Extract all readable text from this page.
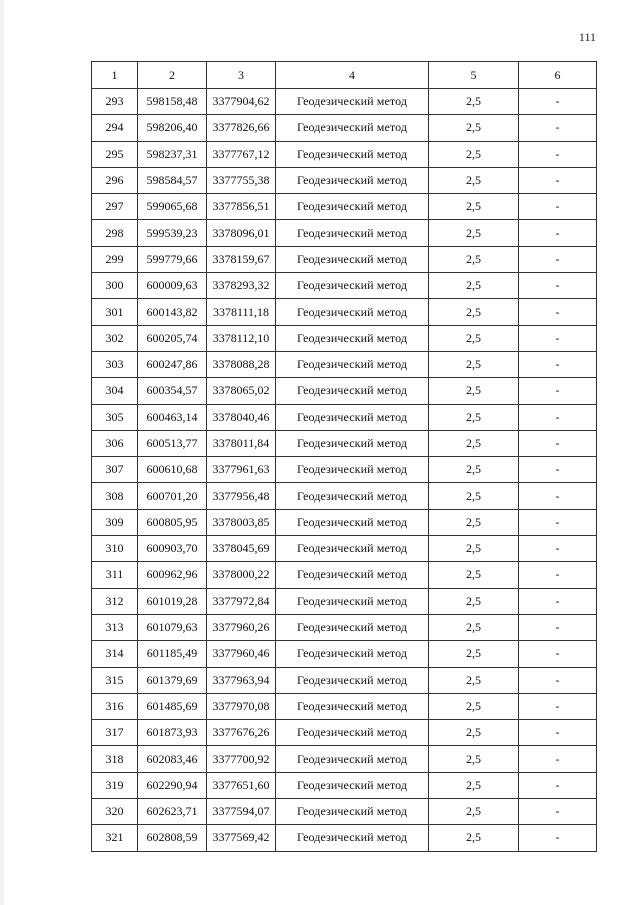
111
1	2	3	4	5	6
293	598158,48	3377904,62	Геодезический метод	2,5	-
294	598206,40	3377826,66	Геодезический метод	2,5	-
295	598237,31	3377767,12	Геодезический метод	2,5	-
296	598584,57	3377755,38	Геодезический метод	2,5	-
297	599065,68	3377856,51	Геодезический метод	2,5	-
298	599539,23	3378096,01	Геодезический метод	2,5	-
299	599779,66	3378159,67	Геодезический метод	2,5	-
300	600009,63	3378293,32	Геодезический метод	2,5	-
301	600143,82	3378111,18	Геодезический метод	2,5	-
302	600205,74	3378112,10	Геодезический метод	2,5	-
303	600247,86	3378088,28	Геодезический метод	2,5	-
304	600354,57	3378065,02	Геодезический метод	2,5	-
305	600463,14	3378040,46	Геодезический метод	2,5	-
306	600513,77	3378011,84	Геодезический метод	2,5	-
307	600610,68	3377961,63	Геодезический метод	2,5	-
308	600701,20	3377956,48	Геодезический метод	2,5	-
309	600805,95	3378003,85	Геодезический метод	2,5	-
310	600903,70	3378045,69	Геодезический метод	2,5	-
311	600962,96	3378000,22	Геодезический метод	2,5	-
312	601019,28	3377972,84	Геодезический метод	2,5	-
313	601079,63	3377960,26	Геодезический метод	2,5	-
314	601185,49	3377960,46	Геодезический метод	2,5	-
315	601379,69	3377963,94	Геодезический метод	2,5	-
316	601485,69	3377970,08	Геодезический метод	2,5	-
317	601873,93	3377676,26	Геодезический метод	2,5	-
318	602083,46	3377700,92	Геодезический метод	2,5	-
319	602290,94	3377651,60	Геодезический метод	2,5	-
320	602623,71	3377594,07	Геодезический метод	2,5	-
321	602808,59	3377569,42	Геодезический метод	2,5	-
